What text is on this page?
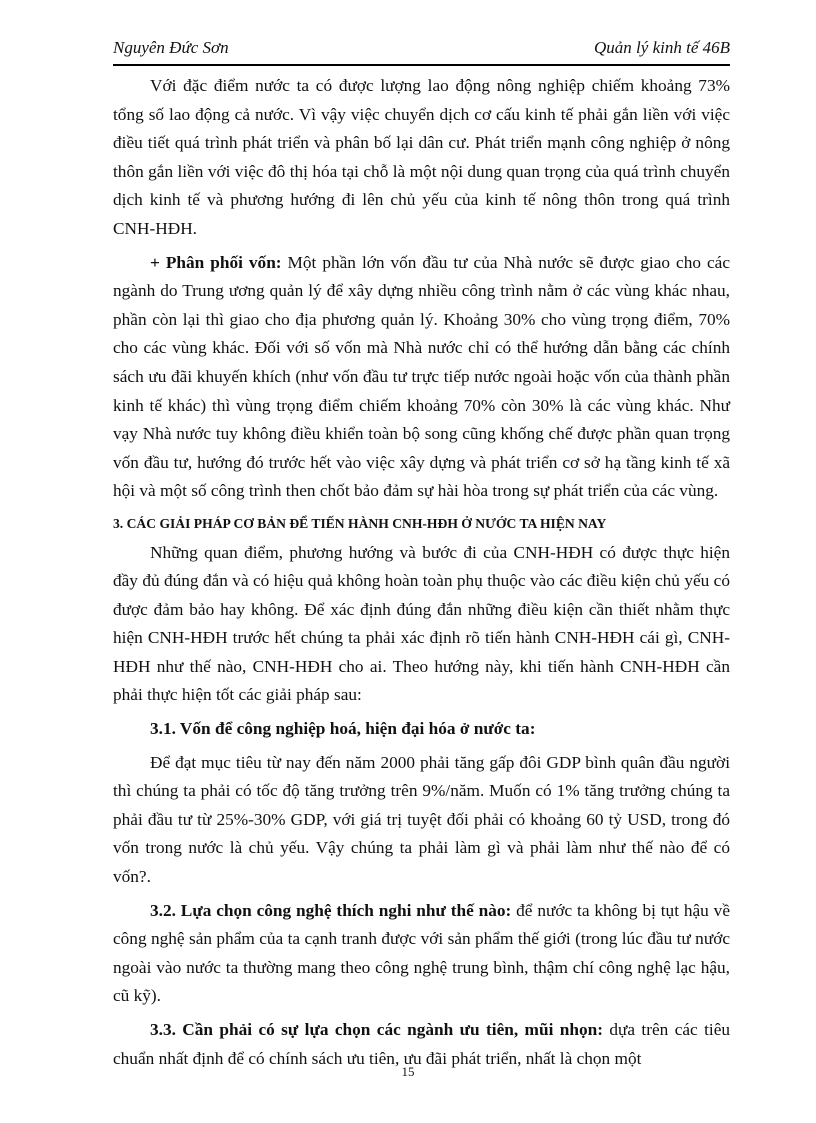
Nguyên Đức Sơn	Quản lý kinh tế 46B

Với đặc điểm nước ta có được lượng lao động nông nghiệp chiếm khoảng 73% tổng số lao động cả nước. Vì vậy việc chuyển dịch cơ cấu kinh tế phải gắn liền với việc điều tiết quá trình phát triển và phân bố lại dân cư. Phát triển mạnh công nghiệp ở nông thôn gắn liền với việc đô thị hóa tại chỗ là một nội dung quan trọng của quá trình chuyển dịch kinh tế và phương hướng đi lên chủ yếu của kinh tế nông thôn trong quá trình CNH-HĐH.

+ Phân phối vốn: Một phần lớn vốn đầu tư của Nhà nước sẽ được giao cho các ngành do Trung ương quản lý để xây dựng nhiều công trình nằm ở các vùng khác nhau, phần còn lại thì giao cho địa phương quản lý. Khoảng 30% cho vùng trọng điểm, 70% cho các vùng khác. Đối với số vốn mà Nhà nước chỉ có thể hướng dẫn bằng các chính sách ưu đãi khuyến khích (như vốn đầu tư trực tiếp nước ngoài hoặc vốn của thành phần kinh tế khác) thì vùng trọng điểm chiếm khoảng 70% còn 30% là các vùng khác. Như vạy Nhà nước tuy không điều khiển toàn bộ song cũng khống chế được phần quan trọng vốn đầu tư, hướng đó trước hết vào việc xây dựng và phát triển cơ sở hạ tầng kinh tế xã hội và một số công trình then chốt bảo đảm sự hài hòa trong sự phát triển của các vùng.

3. CÁC GIẢI PHÁP CƠ BẢN ĐỂ TIẾN HÀNH CNH-HĐH Ở NƯỚC TA HIỆN NAY

Những quan điểm, phương hướng và bước đi của CNH-HĐH có được thực hiện đầy đủ đúng đắn và có hiệu quả không hoàn toàn phụ thuộc vào các điều kiện chủ yếu có được đảm bảo hay không. Để xác định đúng đắn những điều kiện cần thiết nhằm thực hiện CNH-HĐH trước hết chúng ta phải xác định rõ tiến hành CNH-HĐH cái gì, CNH-HĐH như thế nào, CNH-HĐH cho ai. Theo hướng này, khi tiến hành CNH-HĐH cần phải thực hiện tốt các giải pháp sau:

3.1. Vốn để công nghiệp hoá, hiện đại hóa ở nước ta:

Để đạt mục tiêu từ nay đến năm 2000 phải tăng gấp đôi GDP bình quân đầu người thì chúng ta phải có tốc độ tăng trưởng trên 9%/năm. Muốn có 1% tăng trưởng chúng ta phải đầu tư từ 25%-30% GDP, với giá trị tuyệt đối phải có khoảng 60 tỷ USD, trong đó vốn trong nước là chủ yếu. Vậy chúng ta phải làm gì và phải làm như thế nào để có vốn?.

3.2. Lựa chọn công nghệ thích nghi như thế nào: để nước ta không bị tụt hậu về công nghệ sản phẩm của ta cạnh tranh được với sản phẩm thế giới (trong lúc đầu tư nước ngoài vào nước ta thường mang theo công nghệ trung bình, thậm chí công nghệ lạc hậu, cũ kỹ).

3.3. Cần phải có sự lựa chọn các ngành ưu tiên, mũi nhọn: dựa trên các tiêu chuẩn nhất định để có chính sách ưu tiên, ưu đãi phát triển, nhất là chọn một

15
